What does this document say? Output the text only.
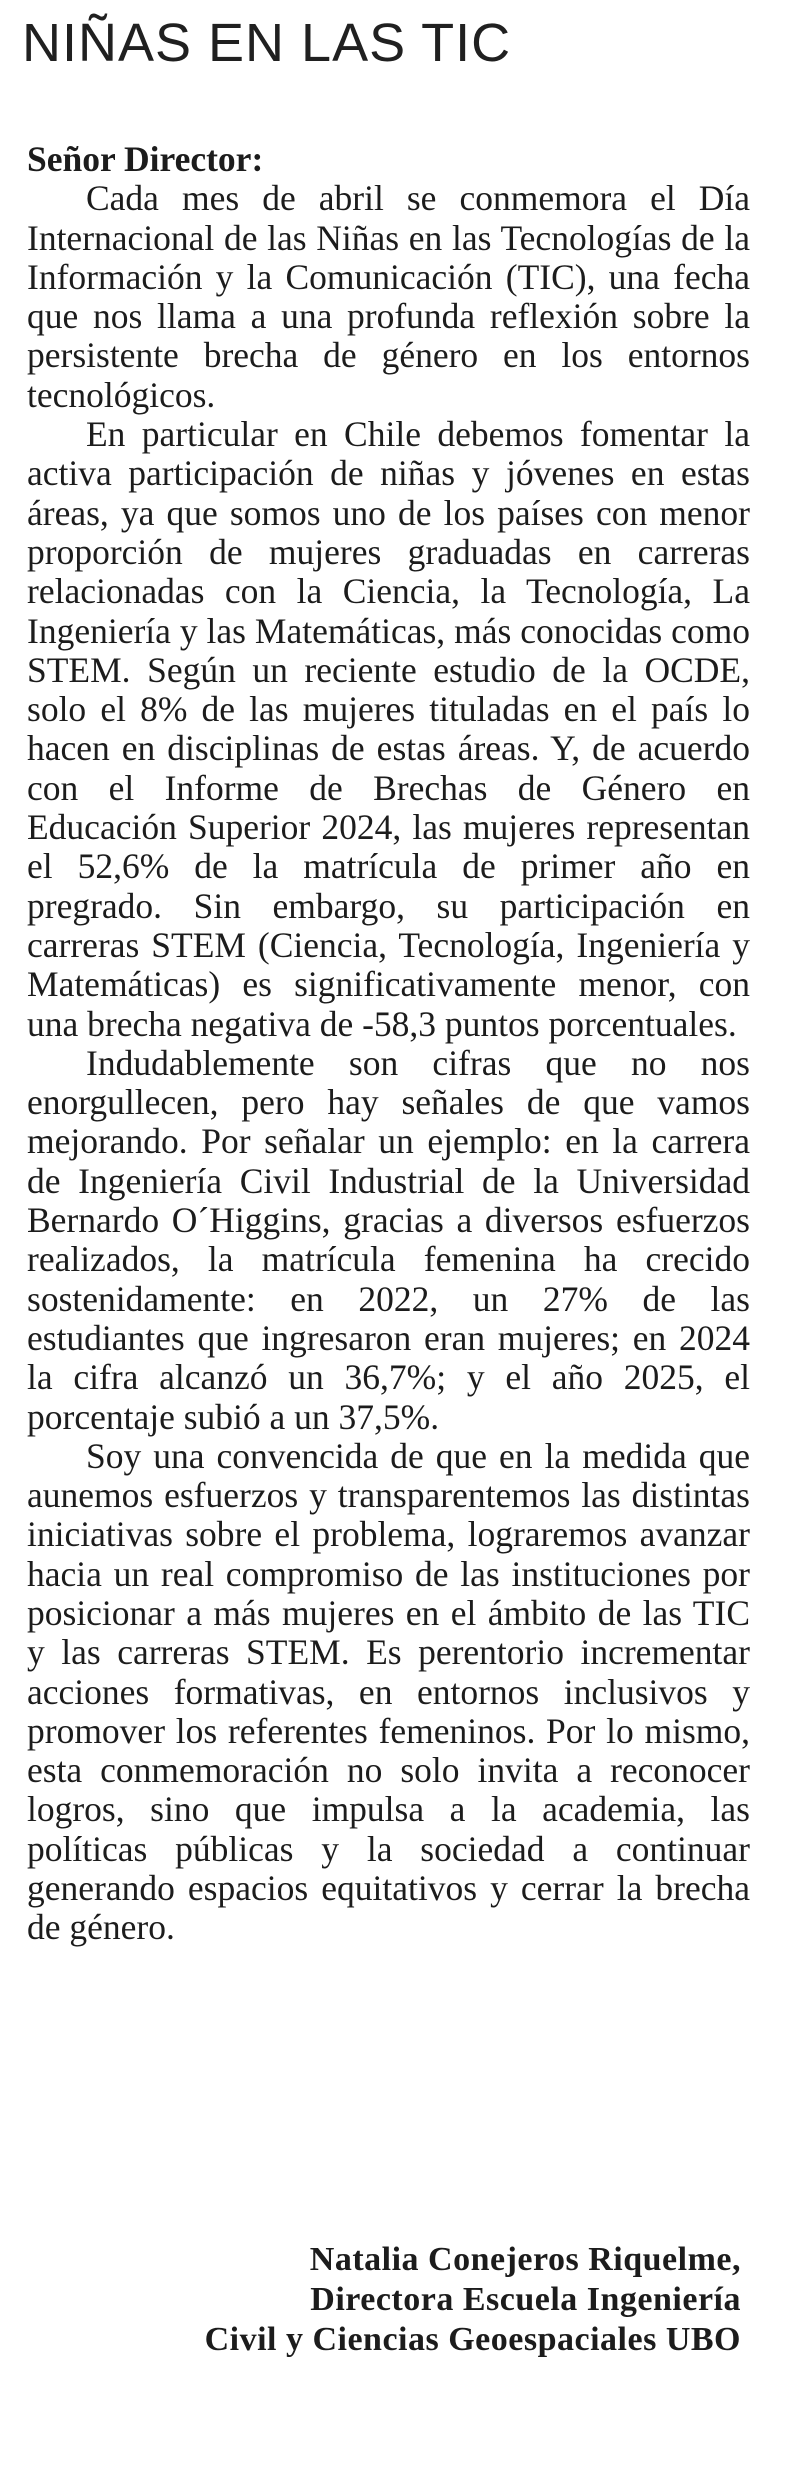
NIÑAS EN LAS TIC

Señor Director:

Cada mes de abril se conmemora el Día Internacional de las Niñas en las Tecnologías de la Información y la Comunicación (TIC), una fecha que nos llama a una profunda reflexión sobre la persistente brecha de género en los entornos tecnológicos.

En particular en Chile debemos fomentar la activa participación de niñas y jóvenes en estas áreas, ya que somos uno de los países con menor proporción de mujeres graduadas en carreras relacionadas con la Ciencia, la Tecnología, La Ingeniería y las Matemáticas, más conocidas como STEM. Según un reciente estudio de la OCDE, solo el 8% de las mujeres tituladas en el país lo hacen en disciplinas de estas áreas. Y, de acuerdo con el Informe de Brechas de Género en Educación Superior 2024, las mujeres representan el 52,6% de la matrícula de primer año en pregrado. Sin embargo, su participación en carreras STEM (Ciencia, Tecnología, Ingeniería y Matemáticas) es significativamente menor, con una brecha negativa de -58,3 puntos porcentuales.

Indudablemente son cifras que no nos enorgullecen, pero hay señales de que vamos mejorando. Por señalar un ejemplo: en la carrera de Ingeniería Civil Industrial de la Universidad Bernardo O´Higgins, gracias a diversos esfuerzos realizados, la matrícula femenina ha crecido sostenidamente: en 2022, un 27% de las estudiantes que ingresaron eran mujeres; en 2024 la cifra alcanzó un 36,7%; y el año 2025, el porcentaje subió a un 37,5%.

Soy una convencida de que en la medida que aunemos esfuerzos y transparentemos las distintas iniciativas sobre el problema, lograremos avanzar hacia un real compromiso de las instituciones por posicionar a más mujeres en el ámbito de las TIC y las carreras STEM. Es perentorio incrementar acciones formativas, en entornos inclusivos y promover los referentes femeninos. Por lo mismo, esta conmemoración no solo invita a reconocer logros, sino que impulsa a la academia, las políticas públicas y la sociedad a continuar generando espacios equitativos y cerrar la brecha de género.

Natalia Conejeros Riquelme,
Directora Escuela Ingeniería
Civil y Ciencias Geoespaciales UBO
